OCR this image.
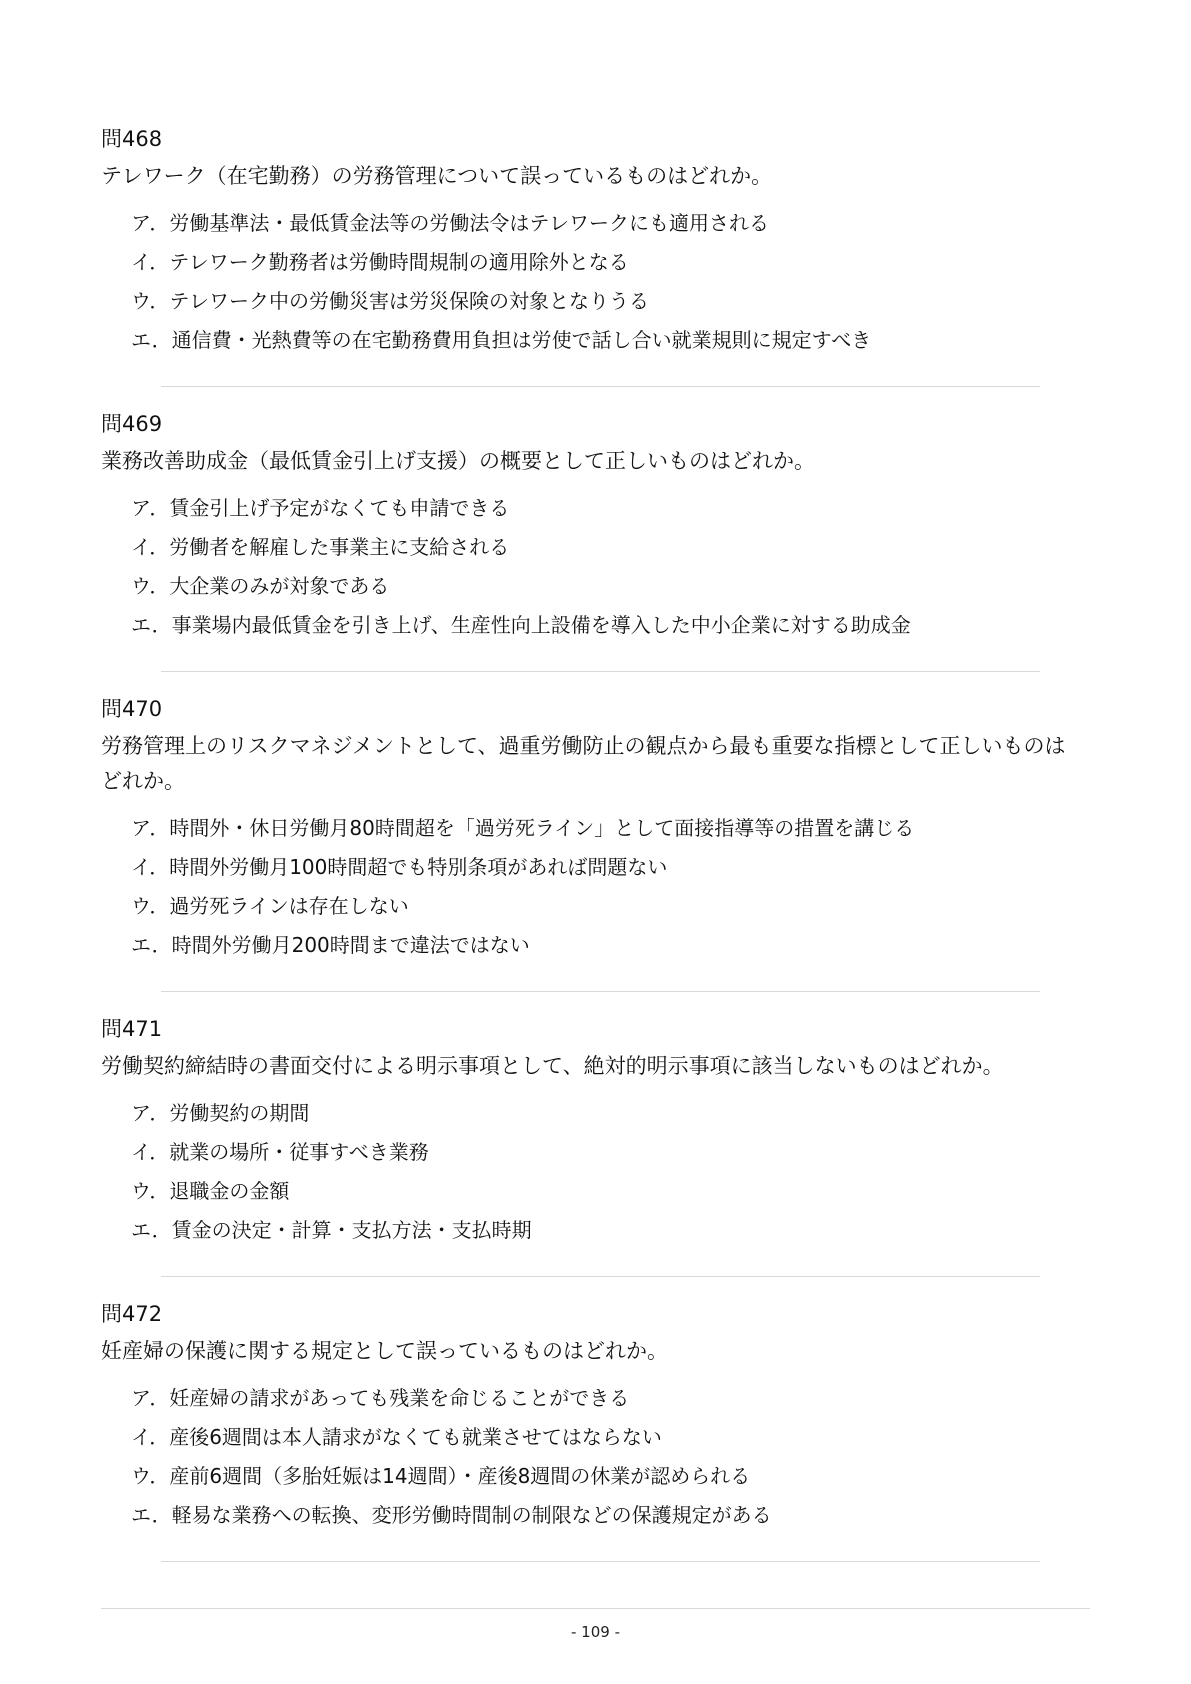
問468
テレワーク（在宅勤務）の労務管理について誤っているものはどれか。
ア．労働基準法・最低賃金法等の労働法令はテレワークにも適用される
イ．テレワーク勤務者は労働時間規制の適用除外となる
ウ．テレワーク中の労働災害は労災保険の対象となりうる
エ．通信費・光熱費等の在宅勤務費用負担は労使で話し合い就業規則に規定すべき
問469
業務改善助成金（最低賃金引上げ支援）の概要として正しいものはどれか。
ア．賃金引上げ予定がなくても申請できる
イ．労働者を解雇した事業主に支給される
ウ．大企業のみが対象である
エ．事業場内最低賃金を引き上げ、生産性向上設備を導入した中小企業に対する助成金
問470
労務管理上のリスクマネジメントとして、過重労働防止の観点から最も重要な指標として正しいものはどれか。
ア．時間外・休日労働月80時間超を「過労死ライン」として面接指導等の措置を講じる
イ．時間外労働月100時間超でも特別条項があれば問題ない
ウ．過労死ラインは存在しない
エ．時間外労働月200時間まで違法ではない
問471
労働契約締結時の書面交付による明示事項として、絶対的明示事項に該当しないものはどれか。
ア．労働契約の期間
イ．就業の場所・従事すべき業務
ウ．退職金の金額
エ．賃金の決定・計算・支払方法・支払時期
問472
妊産婦の保護に関する規定として誤っているものはどれか。
ア．妊産婦の請求があっても残業を命じることができる
イ．産後6週間は本人請求がなくても就業させてはならない
ウ．産前6週間（多胎妊娠は14週間）・産後8週間の休業が認められる
エ．軽易な業務への転換、変形労働時間制の制限などの保護規定がある
- 109 -
